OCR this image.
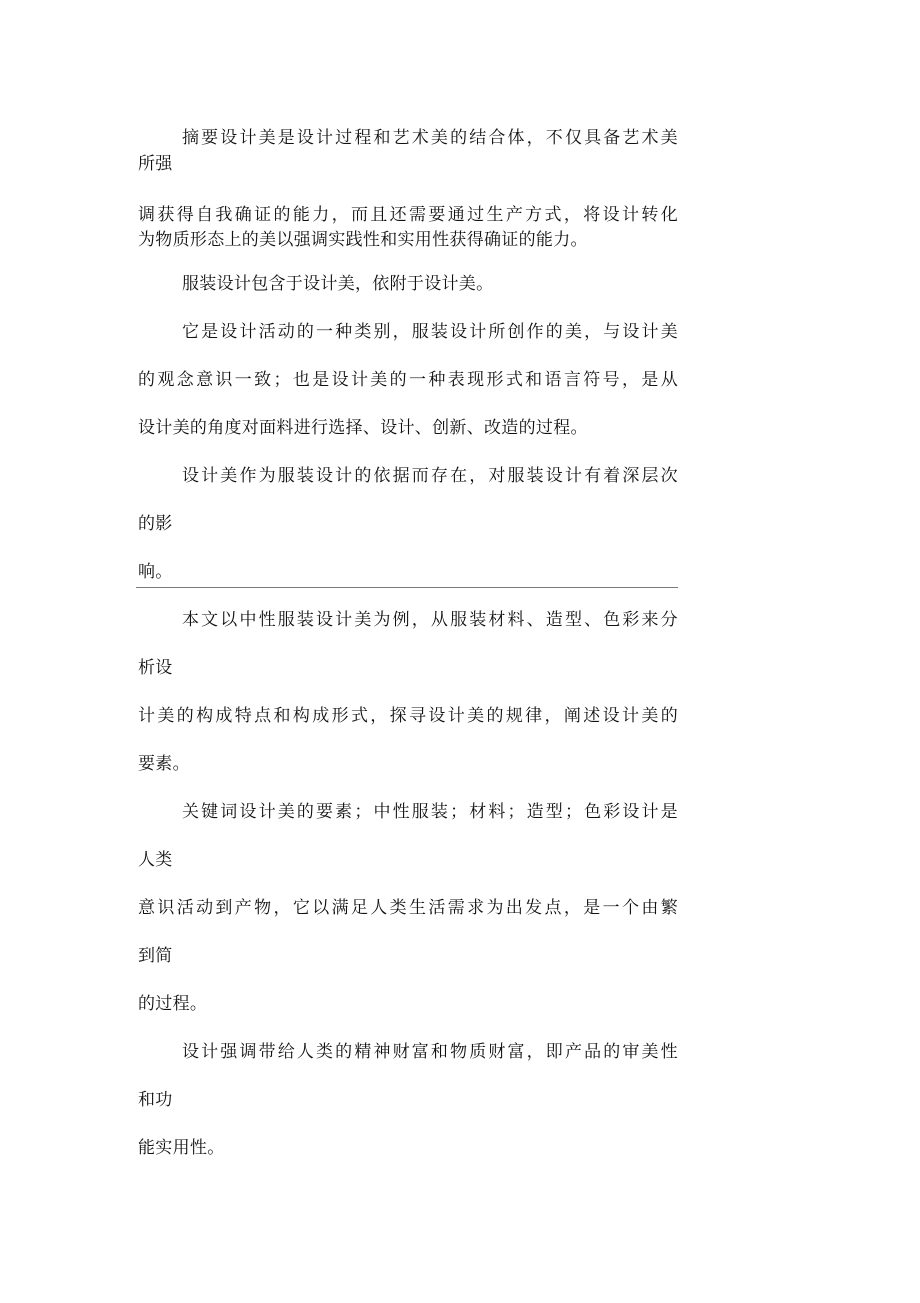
摘要设计美是设计过程和艺术美的结合体，不仅具备艺术美
所强
调获得自我确证的能力，而且还需要通过生产方式，将设计转化
为物质形态上的美以强调实践性和实用性获得确证的能力。
服装设计包含于设计美，依附于设计美。
它是设计活动的一种类别，服装设计所创作的美，与设计美
的观念意识一致；也是设计美的一种表现形式和语言符号，是从
设计美的角度对面料进行选择、设计、创新、改造的过程。
设计美作为服装设计的依据而存在，对服装设计有着深层次
的影
响。
本文以中性服装设计美为例，从服装材料、造型、色彩来分
析设
计美的构成特点和构成形式，探寻设计美的规律，阐述设计美的
要素。
关键词设计美的要素；中性服装；材料；造型；色彩设计是
人类
意识活动到产物，它以满足人类生活需求为出发点，是一个由繁
到简
的过程。
设计强调带给人类的精神财富和物质财富，即产品的审美性
和功
能实用性。
